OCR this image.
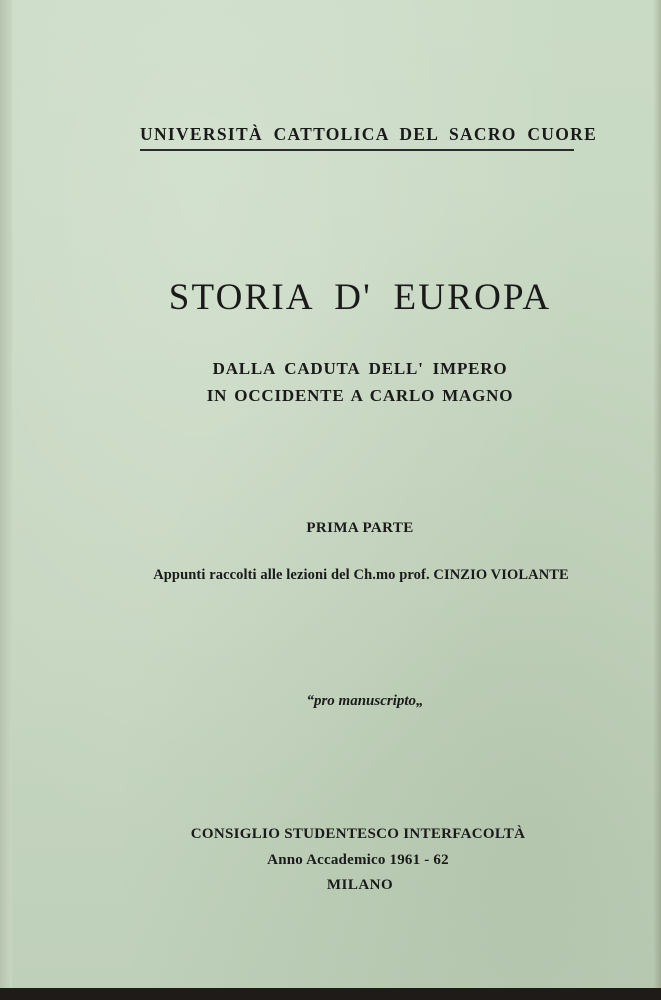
UNIVERSITÀ CATTOLICA DEL SACRO CUORE
STORIA D' EUROPA
DALLA CADUTA DELL' IMPERO
IN OCCIDENTE A CARLO MAGNO
PRIMA PARTE
Appunti raccolti alle lezioni del Ch.mo prof. CINZIO VIOLANTE
“pro manuscripto„
CONSIGLIO STUDENTESCO INTERFACOLTÀ
Anno Accademico 1961 - 62
MILANO
